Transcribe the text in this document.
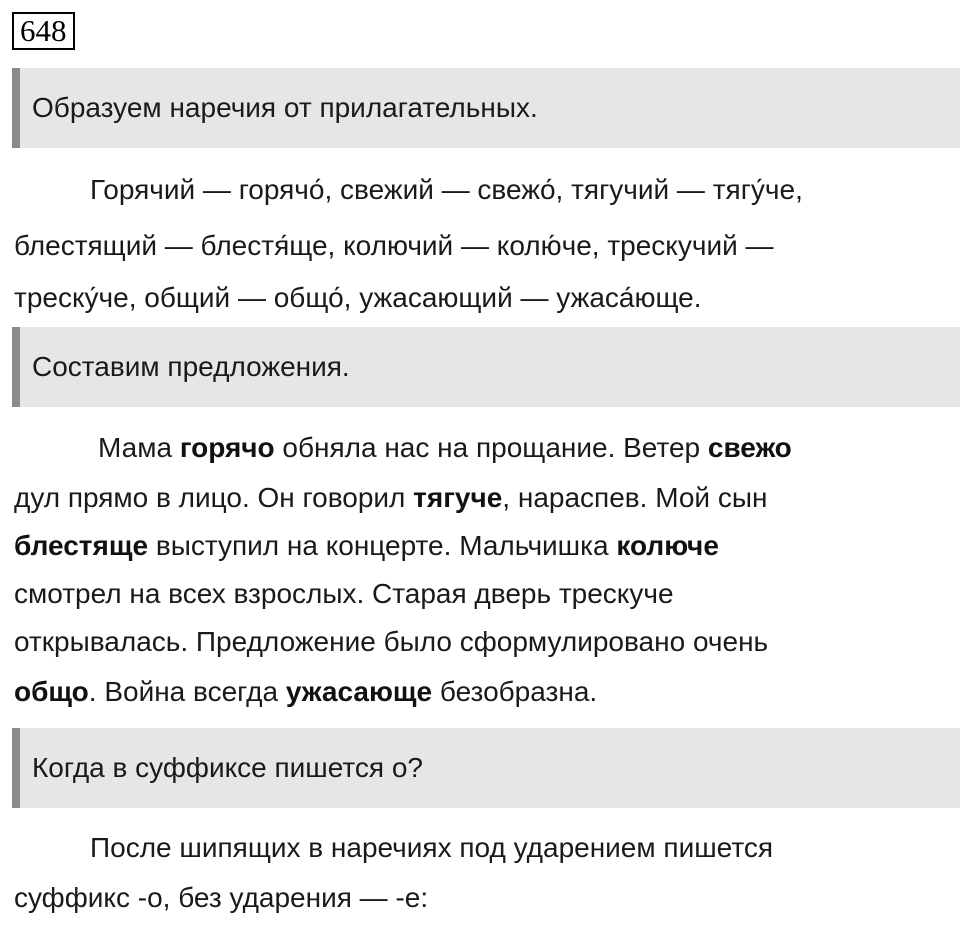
648
Образуем наречия от прилагательных.
Горячий — горячо́, свежий — свежо́, тягучий — тягу́че,
блестящий — блестя́ще, колючий — колю́че, трескучий —
треску́че, общий — общо́, ужасающий — ужаса́юще.
Составим предложения.
Мама горячо обняла нас на прощание. Ветер свежо
дул прямо в лицо. Он говорил тягуче, нараспев. Мой сын
блестяще выступил на концерте. Мальчишка колюче
смотрел на всех взрослых. Старая дверь трескуче
открывалась. Предложение было сформулировано очень
общо. Война всегда ужасающе безобразна.
Когда в суффиксе пишется о?
После шипящих в наречиях под ударением пишется
суффикс -о, без ударения — -е:
